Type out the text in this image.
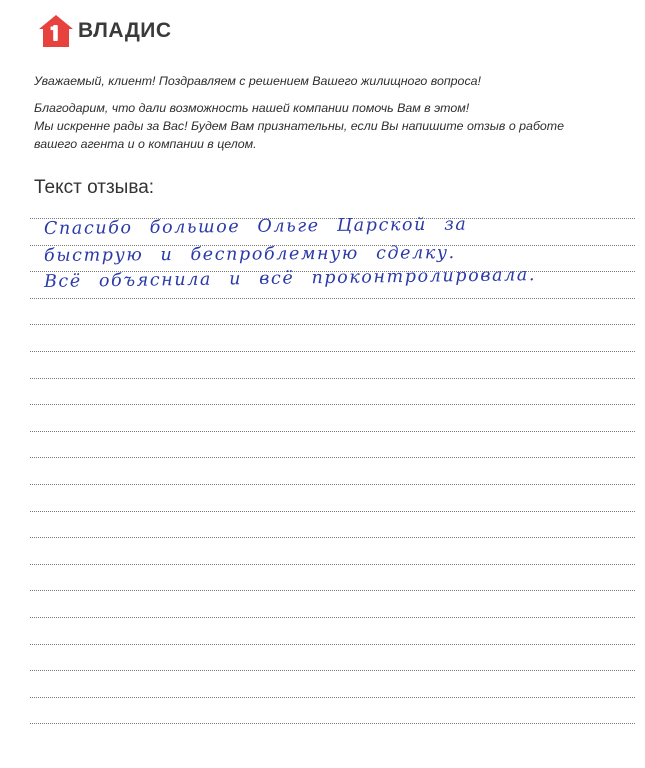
ВЛАДИС

Уважаемый, клиент! Поздравляем с решением Вашего жилищного вопроса!

Благодарим, что дали возможность нашей компании помочь Вам в этом!

Мы искренне рады за Вас! Будем Вам признательны, если Вы напишите отзыв о работе

вашего агента и о компании в целом.

Текст отзыва:
Спасибо большое Ольге Царской за
быструю и беспроблемную сделку.
Всё объяснила и всё проконтролировала.
